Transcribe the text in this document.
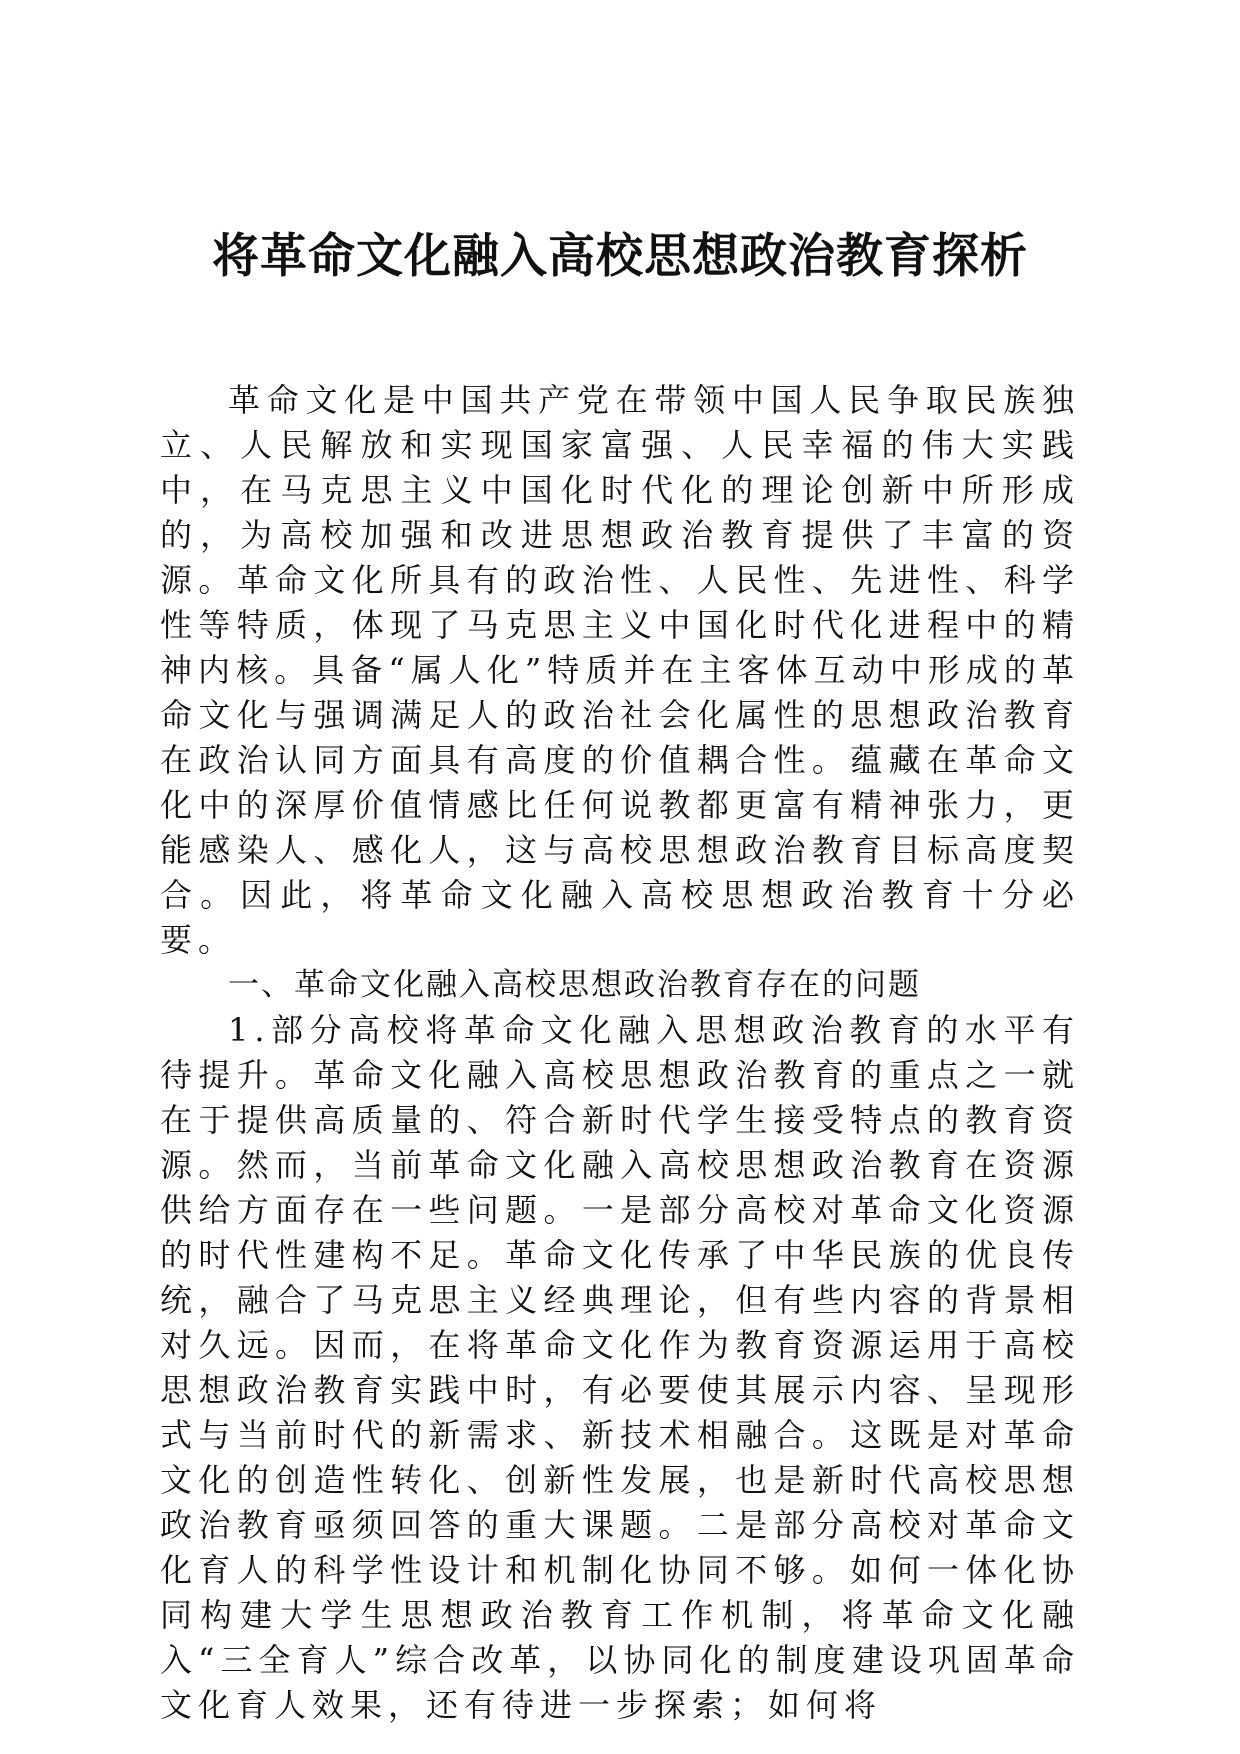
将革命文化融入高校思想政治教育探析

革命文化是中国共产党在带领中国人民争取民族独立、人民解放和实现国家富强、人民幸福的伟大实践中，在马克思主义中国化时代化的理论创新中所形成的，为高校加强和改进思想政治教育提供了丰富的资源。革命文化所具有的政治性、人民性、先进性、科学性等特质，体现了马克思主义中国化时代化进程中的精神内核。具备“属人化”特质并在主客体互动中形成的革命文化与强调满足人的政治社会化属性的思想政治教育在政治认同方面具有高度的价值耦合性。蕴藏在革命文化中的深厚价值情感比任何说教都更富有精神张力，更能感染人、感化人，这与高校思想政治教育目标高度契合。因此，将革命文化融入高校思想政治教育十分必要。

一、革命文化融入高校思想政治教育存在的问题

1.部分高校将革命文化融入思想政治教育的水平有待提升。革命文化融入高校思想政治教育的重点之一就在于提供高质量的、符合新时代学生接受特点的教育资源。然而，当前革命文化融入高校思想政治教育在资源供给方面存在一些问题。一是部分高校对革命文化资源的时代性建构不足。革命文化传承了中华民族的优良传统，融合了马克思主义经典理论，但有些内容的背景相对久远。因而，在将革命文化作为教育资源运用于高校思想政治教育实践中时，有必要使其展示内容、呈现形式与当前时代的新需求、新技术相融合。这既是对革命文化的创造性转化、创新性发展，也是新时代高校思想政治教育亟须回答的重大课题。二是部分高校对革命文化育人的科学性设计和机制化协同不够。如何一体化协同构建大学生思想政治教育工作机制，将革命文化融入“三全育人”综合改革，以协同化的制度建设巩固革命文化育人效果，还有待进一步探索；如何将
